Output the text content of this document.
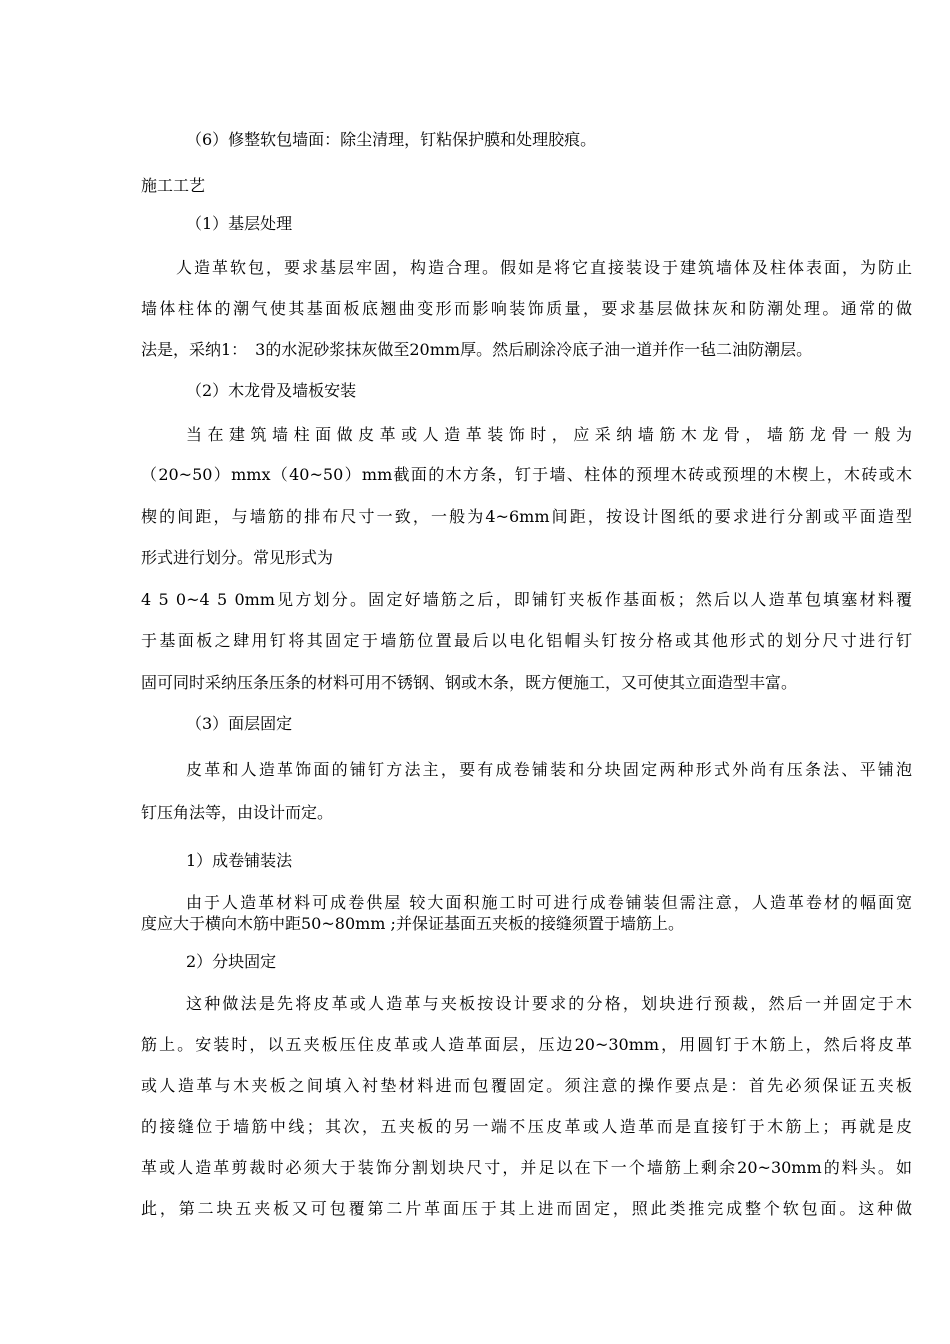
（6）修整软包墙面：除尘清理，钉粘保护膜和处理胶痕。

施工工艺

（1）基层处理

人造革软包，要求基层牢固，构造合理。假如是将它直接装设于建筑墙体及柱体表面，为防止

墙体柱体的潮气使其基面板底翘曲变形而影响装饰质量，要求基层做抹灰和防潮处理。通常的做

法是，采纳1：　3的水泥砂浆抹灰做至20mm厚。然后刷涂冷底子油一道并作一毡二油防潮层。

（2）木龙骨及墙板安装

当在建筑墙柱面做皮革或人造革装饰时，应采纳墙筋木龙骨，墙筋龙骨一般为

（20~50）mmx（40~50）mm截面的木方条，钉于墙、柱体的预埋木砖或预埋的木楔上，木砖或木

楔的间距，与墙筋的排布尺寸一致，一般为4~6mm间距，按设计图纸的要求进行分割或平面造型

形式进行划分。常见形式为

4 5 0~4 5 0mm见方划分。固定好墙筋之后，即铺钉夹板作基面板；然后以人造革包填塞材料覆

于基面板之肆用钉将其固定于墙筋位置最后以电化铝帽头钉按分格或其他形式的划分尺寸进行钉

固可同时采纳压条压条的材料可用不锈钢、钢或木条，既方便施工，又可使其立面造型丰富。

（3）面层固定

皮革和人造革饰面的铺钉方法主，要有成卷铺装和分块固定两种形式外尚有压条法、平铺泡

钉压角法等，由设计而定。

1）成卷铺装法

由于人造革材料可成卷供屋 较大面积施工时可进行成卷铺装但需注意，人造革卷材的幅面宽

度应大于横向木筋中距50~80mm ;并保证基面五夹板的接缝须置于墙筋上。

2）分块固定

这种做法是先将皮革或人造革与夹板按设计要求的分格，划块进行预裁，然后一并固定于木

筋上。安装时，以五夹板压住皮革或人造革面层，压边20~30mm，用圆钉于木筋上，然后将皮革

或人造革与木夹板之间填入衬垫材料进而包覆固定。须注意的操作要点是：首先必须保证五夹板

的接缝位于墙筋中线；其次，五夹板的另一端不压皮革或人造革而是直接钉于木筋上；再就是皮

革或人造革剪裁时必须大于装饰分割划块尺寸，并足以在下一个墙筋上剩余20~30mm的料头。如

此，第二块五夹板又可包覆第二片革面压于其上进而固定，照此类推完成整个软包面。这种做
